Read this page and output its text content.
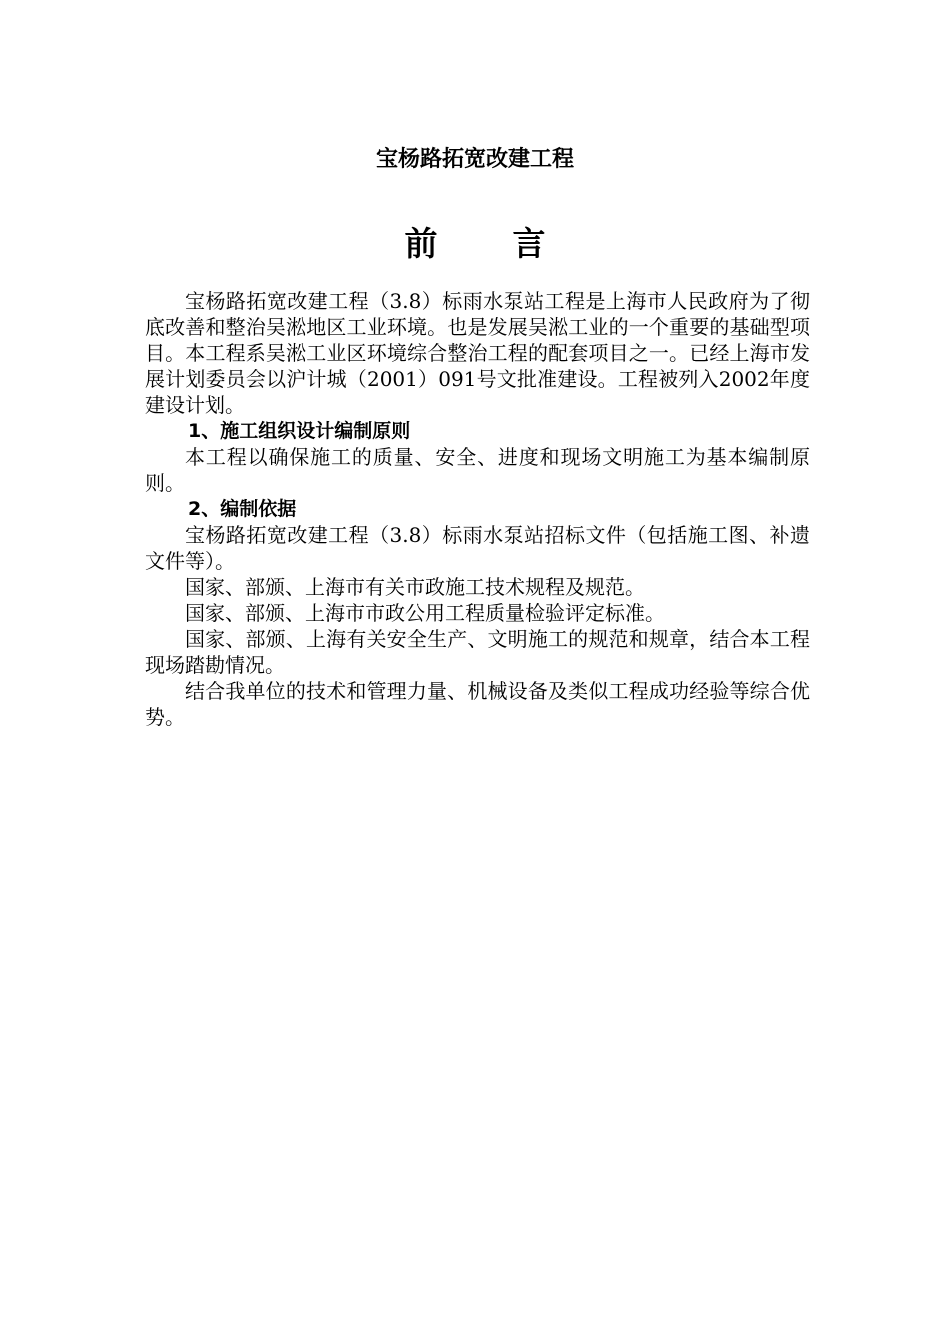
宝杨路拓宽改建工程
前言

宝杨路拓宽改建工程（3.8）标雨水泵站工程是上海市人民政府为了彻底改善和整治吴淞地区工业环境。也是发展吴淞工业的一个重要的基础型项目。本工程系吴淞工业区环境综合整治工程的配套项目之一。已经上海市发展计划委员会以沪计城（2001）091号文批准建设。工程被列入2002年度建设计划。

1、施工组织设计编制原则

本工程以确保施工的质量、安全、进度和现场文明施工为基本编制原则。

2、编制依据

宝杨路拓宽改建工程（3.8）标雨水泵站招标文件（包括施工图、补遗文件等）。

国家、部颁、上海市有关市政施工技术规程及规范。

国家、部颁、上海市市政公用工程质量检验评定标准。

国家、部颁、上海有关安全生产、文明施工的规范和规章，结合本工程现场踏勘情况。

结合我单位的技术和管理力量、机械设备及类似工程成功经验等综合优势。
